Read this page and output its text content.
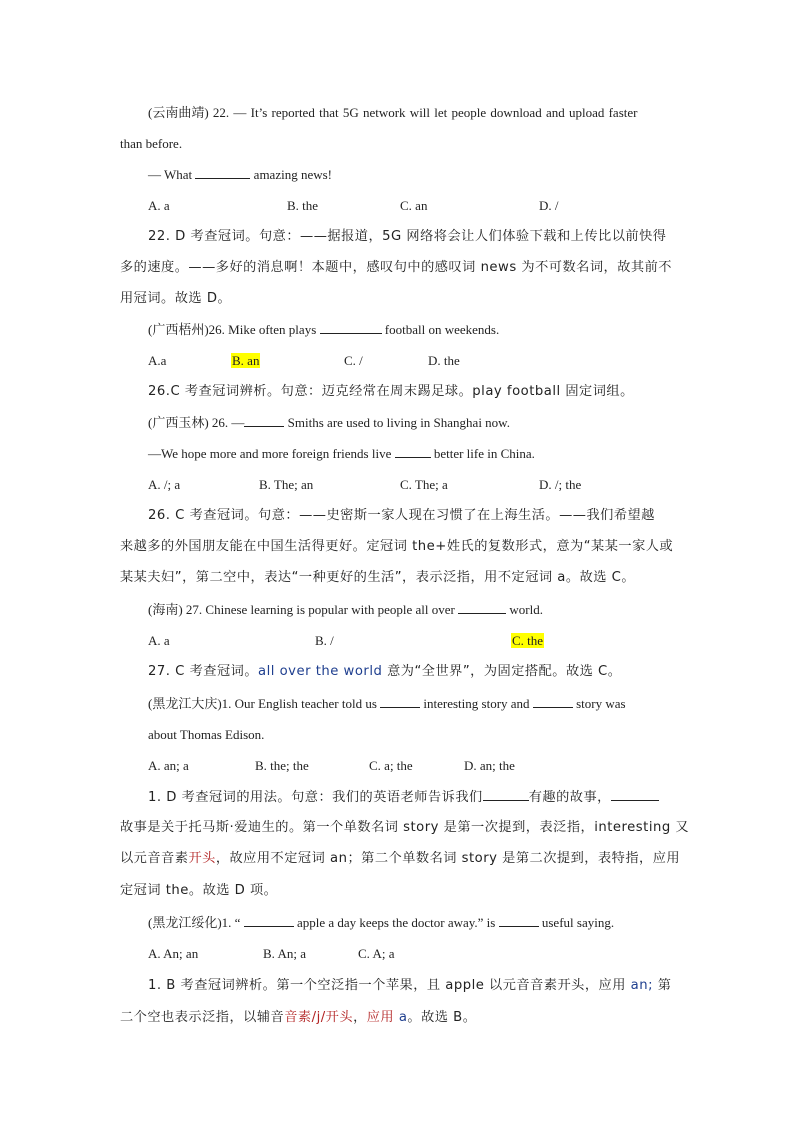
(云南曲靖) 22. — It’s reported that 5G network will let people download and upload faster
than before.
— What	amazing news!
A. a	B. the	C. an	D. /
22. D 考查冠词。句意：——据报道，5G 网络将会让人们体验下载和上传比以前快得
多的速度。——多好的消息啊！本题中，感叹句中的感叹词 news 为不可数名词，故其前不
用冠词。故选 D。
(广西梧州)26. Mike often plays	football on weekends.
A.a	B. an	C. /	D. the
26.C 考查冠词辨析。句意：迈克经常在周末踢足球。play football 固定词组。
(广西玉林) 26. —	Smiths are used to living in Shanghai now.
—We hope more and more foreign friends live	better life in China.
A. /; a	B. The; an	C. The; a	D. /; the
26. C 考查冠词。句意：——史密斯一家人现在习惯了在上海生活。——我们希望越
来越多的外国朋友能在中国生活得更好。定冠词 the+姓氏的复数形式，意为“某某一家人或
某某夫妇”，第二空中，表达“一种更好的生活”，表示泛指，用不定冠词 a。故选 C。
(海南) 27. Chinese learning is popular with people all over	world.
A. a	B. /	C. the
27. C 考查冠词。all over the world 意为“全世界”，为固定搭配。故选 C。
(黑龙江大庆)1. Our English teacher told us	interesting story and	story was
about Thomas Edison.
A. an; a	B. the; the	C. a; the	D. an; the
1. D 考查冠词的用法。句意：我们的英语老师告诉我们	有趣的故事，
故事是关于托马斯·爱迪生的。第一个单数名词 story 是第一次提到，表泛指，interesting 又
以元音音素开头，故应用不定冠词 an；第二个单数名词 story 是第二次提到，表特指，应用
定冠词 the。故选 D 项。
(黑龙江绥化)1. “	apple a day keeps the doctor away.” is	useful saying.
A. An; an	B. An; a	C. A; a
1. B 考查冠词辨析。第一个空泛指一个苹果，且 apple 以元音音素开头，应用 an; 第
二个空也表示泛指，以辅音音素/j/开头，应用 a。故选 B。
